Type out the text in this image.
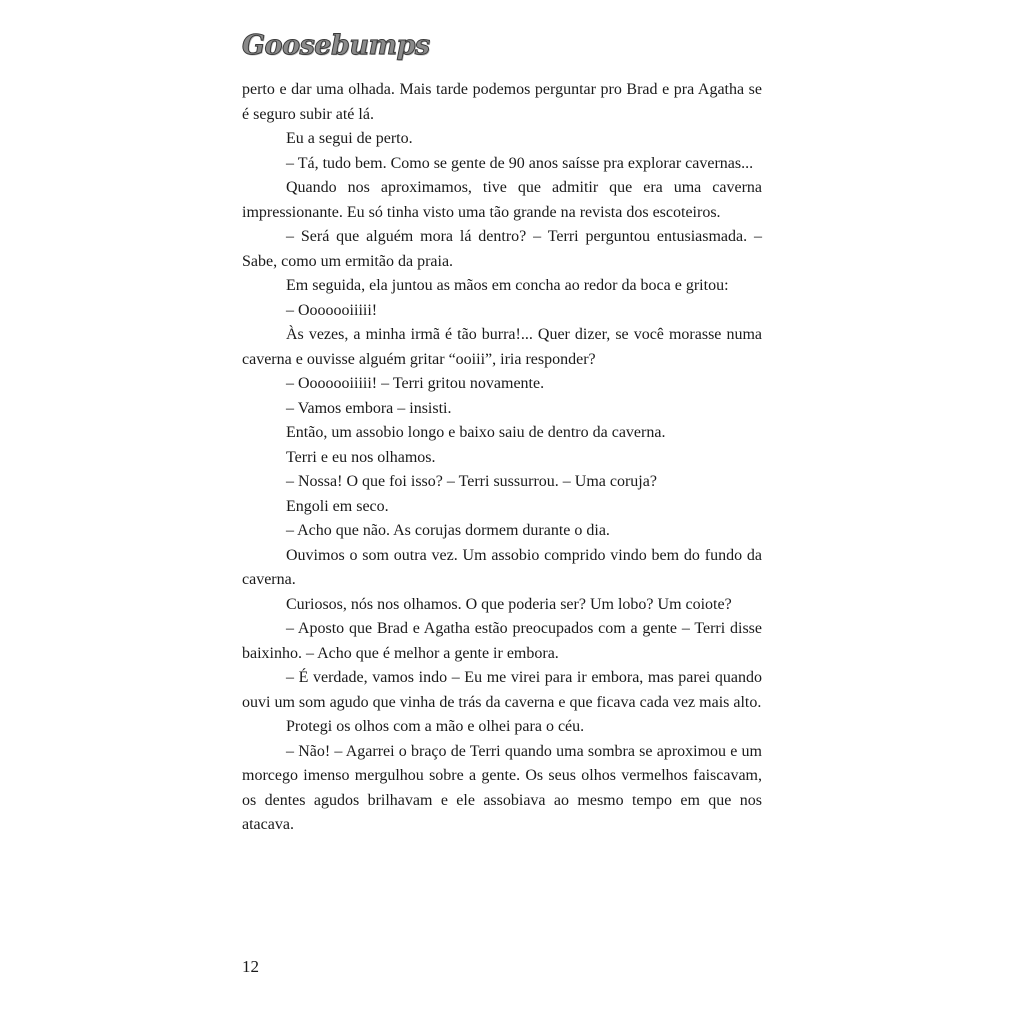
Goosebumps

perto e dar uma olhada. Mais tarde podemos perguntar pro Brad e pra Agatha se é seguro subir até lá.

Eu a segui de perto.

– Tá, tudo bem. Como se gente de 90 anos saísse pra explorar cavernas...

Quando nos aproximamos, tive que admitir que era uma caverna impressionante. Eu só tinha visto uma tão grande na revista dos escoteiros.

– Será que alguém mora lá dentro? – Terri perguntou entusiasmada. – Sabe, como um ermitão da praia.

Em seguida, ela juntou as mãos em concha ao redor da boca e gritou:

– Ooooooiiiii!

Às vezes, a minha irmã é tão burra!... Quer dizer, se você morasse numa caverna e ouvisse alguém gritar “ooiii”, iria responder?

– Ooooooiiiii! – Terri gritou novamente.

– Vamos embora – insisti.

Então, um assobio longo e baixo saiu de dentro da caverna.

Terri e eu nos olhamos.

– Nossa! O que foi isso? – Terri sussurrou. – Uma coruja?

Engoli em seco.

– Acho que não. As corujas dormem durante o dia.

Ouvimos o som outra vez. Um assobio comprido vindo bem do fundo da caverna.

Curiosos, nós nos olhamos. O que poderia ser? Um lobo? Um coiote?

– Aposto que Brad e Agatha estão preocupados com a gente – Terri disse baixinho. – Acho que é melhor a gente ir embora.

– É verdade, vamos indo – Eu me virei para ir embora, mas parei quando ouvi um som agudo que vinha de trás da caverna e que ficava cada vez mais alto.

Protegi os olhos com a mão e olhei para o céu.

– Não! – Agarrei o braço de Terri quando uma sombra se aproximou e um morcego imenso mergulhou sobre a gente. Os seus olhos vermelhos faiscavam, os dentes agudos brilhavam e ele assobiava ao mesmo tempo em que nos atacava.

12
